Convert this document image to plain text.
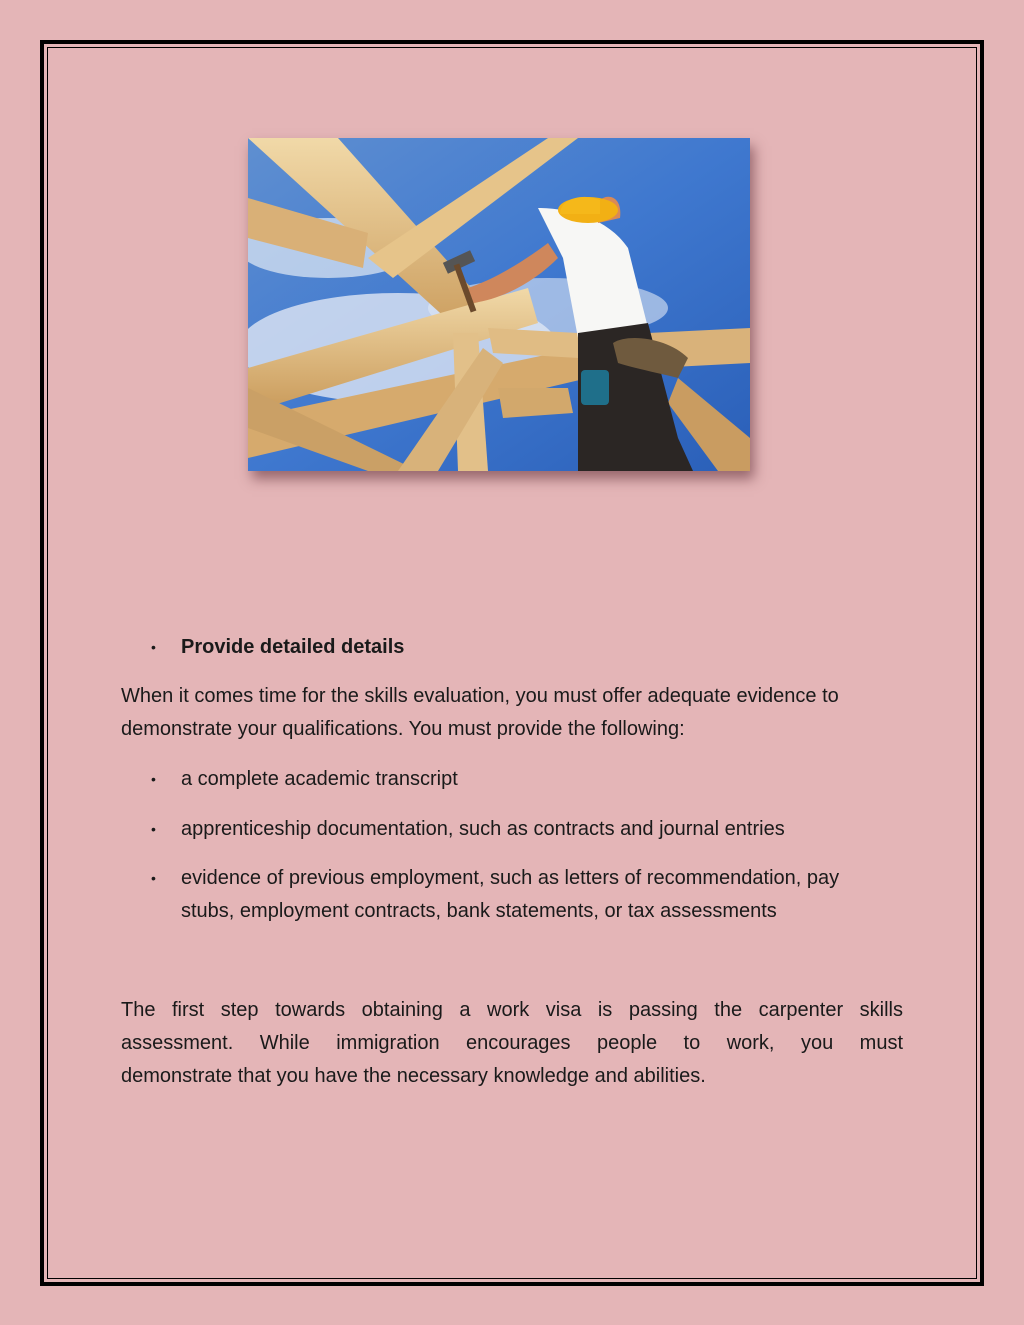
• Provide detailed details
When it comes time for the skills evaluation, you must offer adequate evidence to
demonstrate your qualifications. You must provide the following:
• a complete academic transcript
• apprenticeship documentation, such as contracts and journal entries
• evidence of previous employment, such as letters of recommendation, pay
stubs, employment contracts, bank statements, or tax assessments
The first step towards obtaining a work visa is passing the carpenter skills
assessment. While immigration encourages people to work, you must
demonstrate that you have the necessary knowledge and abilities.
